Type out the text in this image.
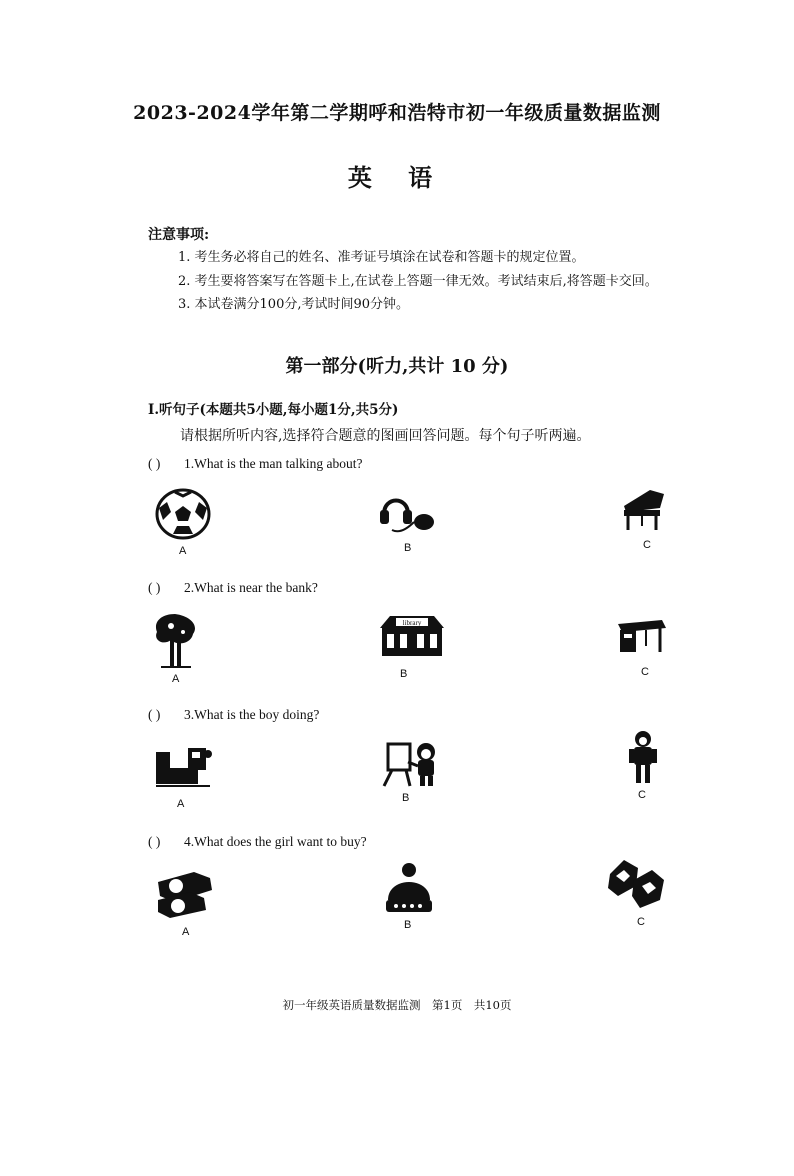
2023-2024学年第二学期呼和浩特市初一年级质量数据监测
英 语
注意事项:
1. 考生务必将自己的姓名、准考证号填涂在试卷和答题卡的规定位置。
2. 考生要将答案写在答题卡上,在试卷上答题一律无效。考试结束后,将答题卡交回。
3. 本试卷满分100分,考试时间90分钟。
第一部分(听力,共计 10 分)
I.听句子(本题共5小题,每小题1分,共5分)
请根据所听内容,选择符合题意的图画回答问题。每个句子听两遍。
( ) 1.What is the man talking about?
A	B	C
( ) 2.What is near the bank?
A
library
B	C
( ) 3.What is the boy doing?
A	B	C
( ) 4.What does the girl want to buy?
A
B	C
初一年级英语质量数据监测　第1页　共10页
